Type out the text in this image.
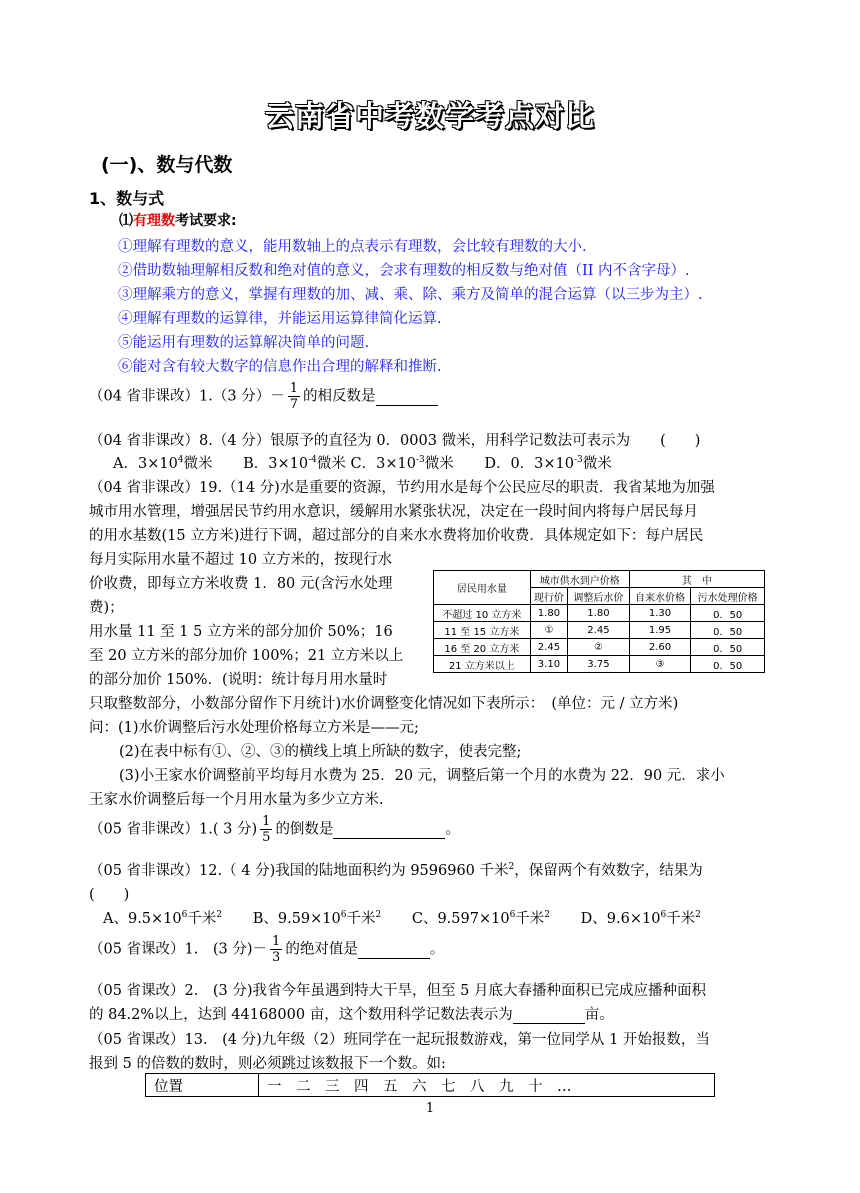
云南省中考数学考点对比
(一)、数与代数
1、数与式
⑴有理数考试要求:
①理解有理数的意义，能用数轴上的点表示有理数，会比较有理数的大小.
②借助数轴理解相反数和绝对值的意义，会求有理数的相反数与绝对值（II 内不含字母）.
③理解乘方的意义，掌握有理数的加、减、乘、除、乘方及简单的混合运算（以三步为主）.
④理解有理数的运算律，并能运用运算律简化运算.
⑤能运用有理数的运算解决简单的问题.
⑥能对含有较大数字的信息作出合理的解释和推断.
（04 省非课改）1.（3 分）－ $\frac{1}{7}$ 的相反数是
（04 省非课改）8.（4 分）银原予的直径为 0．0003 微米，用科学记数法可表示为 (　　)
A．$3\times 10^4$微米 B．$3\times 10^{-4}$微米 C．$3\times 10^{-3}$微米 D．0．$3\times 10^{-3}$微米
（04 省非课改）19.（14 分)水是重要的资源，节约用水是每个公民应尽的职责．我省某地为加强
城市用水管理，增强居民节约用水意识，缓解用水紧张状况，决定在一段时间内将每户居民每月
的用水基数(15 立方米)进行下调，超过部分的自来水水费将加价收费．具体规定如下：每户居民
每月实际用水量不超过 10 立方米的，按现行水
价收费，即每立方米收费 1．80 元(含污水处理
费)；
用水量 11 至 1 5 立方米的部分加价 50%；16
至 20 立方米的部分加价 100%；21 立方米以上
的部分加价 150%．(说明：统计每月用水量时
只取整数部分，小数部分留作下月统计)水价调整变化情况如下表所示：　(单位：元 / 立方米)
问：(1)水价调整后污水处理价格每立方米是——元;
(2)在表中标有①、②、③的横线上填上所缺的数字，使表完整;
(3)小王家水价调整前平均每月水费为 25．20 元，调整后第一个月的水费为 22．90 元．求小
王家水价调整后每一个月用水量为多少立方米.
居民用水量	城市供水到户价格		其　中	
	现行价	调整后水价	自来水价格	污水处理价格
不超过 10 立方米	1.80	1.80	1.30	0．50
11 至 15 立方米	①	2.45	1.95	0．50
16 至 20 立方米	2.45	②	2.60	0．50
21 立方米以上	3.10	3.75	③	0．50
（05 省非课改）1.( 3 分) $\frac{1}{5}$ 的倒数是	。
（05 省非课改）12.（ 4 分)我国的陆地面积约为 9596960 千米$^2$，保留两个有效数字，结果为
(　　)
A、$9.5\times 10^6$千米$^2$ B、$9.59\times 10^6$千米$^2$ C、$9.597\times 10^6$千米$^2$ D、$9.6\times 10^6$千米$^2$
（05 省课改）1.　(3 分)－ $\frac{1}{3}$ 的绝对值是	。
（05 省课改）2.　(3 分)我省今年虽遇到特大干旱，但至 5 月底大春播种面积已完成应播种面积
的 84.2%以上，达到 44168000 亩，这个数用科学记数法表示为	亩。
（05 省课改）13.　(4 分)九年级（2）班同学在一起玩报数游戏，第一位同学从 1 开始报数，当
报到 5 的倍数的数时，则必须跳过该数报下一个数。如:
位置	一　二　三　四　五　六　七　八　九　十　…
1
